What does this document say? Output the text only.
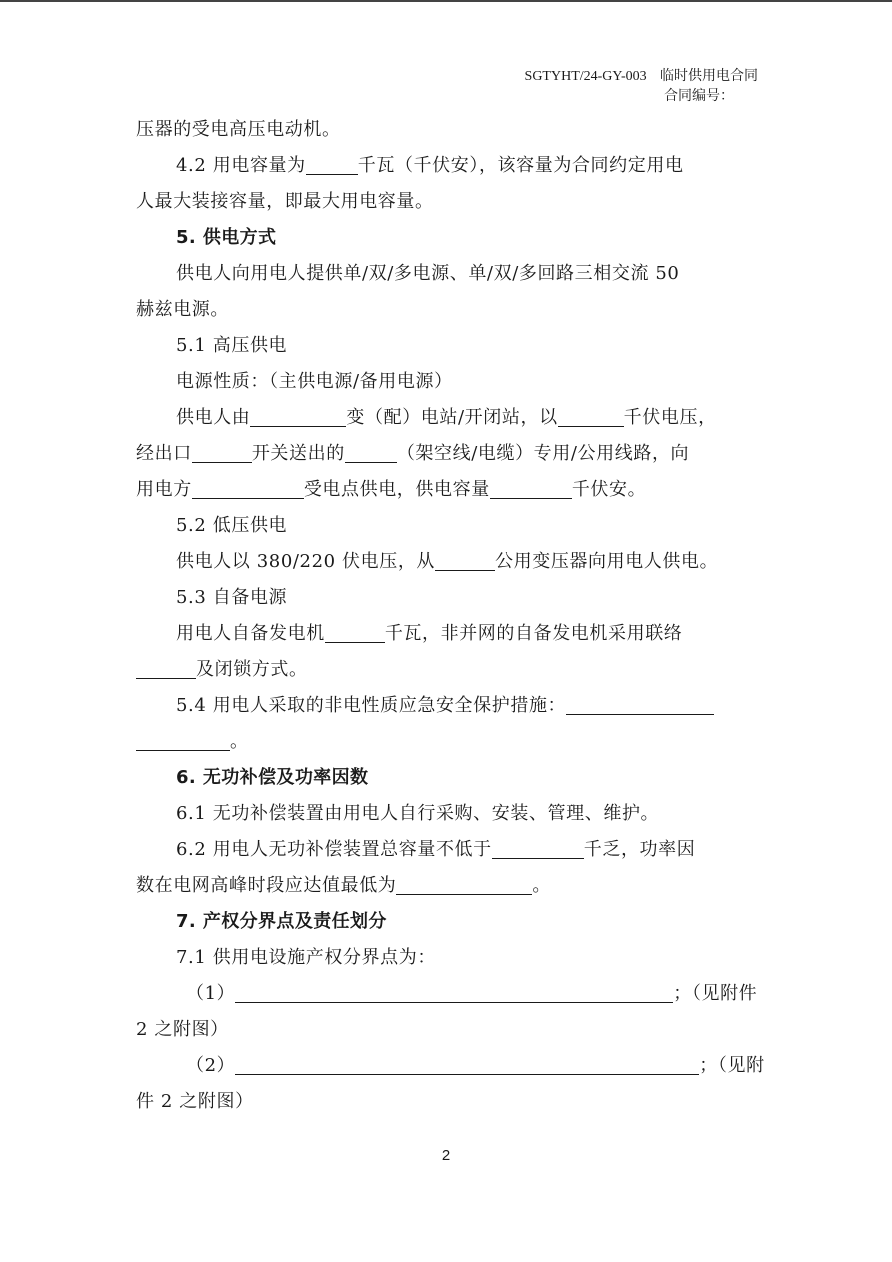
SGTYHT/24-GY-003 临时供用电合同
合同编号：
压器的受电高压电动机。
4.2 用电容量为	千瓦（千伏安），该容量为合同约定用电
人最大装接容量，即最大用电容量。
5. 供电方式
供电人向用电人提供单/双/多电源、单/双/多回路三相交流 50
赫兹电源。
5.1 高压供电
电源性质：（主供电源/备用电源）
供电人由	变（配）电站/开闭站，以	千伏电压，
经出口	开关送出的	（架空线/电缆）专用/公用线路，向
用电方	受电点供电，供电容量	千伏安。
5.2 低压供电
供电人以 380/220 伏电压，从	公用变压器向用电人供电。
5.3 自备电源
用电人自备发电机	千瓦，非并网的自备发电机采用联络
及闭锁方式。
5.4 用电人采取的非电性质应急安全保护措施：
。
6. 无功补偿及功率因数
6.1 无功补偿装置由用电人自行采购、安装、管理、维护。
6.2 用电人无功补偿装置总容量不低于	千乏，功率因
数在电网高峰时段应达值最低为	。
7. 产权分界点及责任划分
7.1 供用电设施产权分界点为：
（1）	；（见附件
2 之附图）
（2）	；（见附
件 2 之附图）
2
